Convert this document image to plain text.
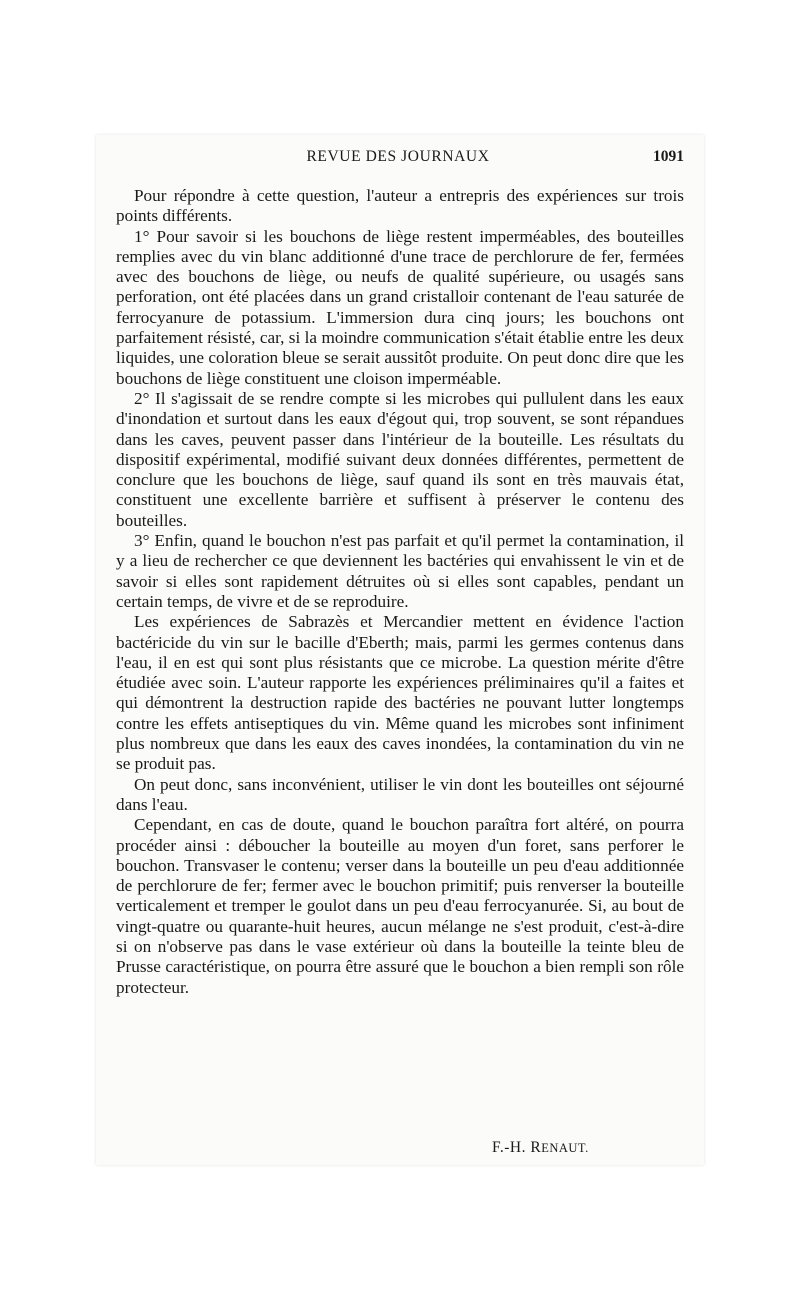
REVUE DES JOURNAUX	1091

Pour répondre à cette question, l'auteur a entrepris des expériences sur trois points différents.

1° Pour savoir si les bouchons de liège restent imperméables, des bouteilles remplies avec du vin blanc additionné d'une trace de perchlorure de fer, fermées avec des bouchons de liège, ou neufs de qualité supérieure, ou usagés sans perforation, ont été placées dans un grand cristalloir contenant de l'eau saturée de ferrocyanure de potassium. L'immersion dura cinq jours; les bouchons ont parfaitement résisté, car, si la moindre communication s'était établie entre les deux liquides, une coloration bleue se serait aussitôt produite. On peut donc dire que les bouchons de liège constituent une cloison imperméable.

2° Il s'agissait de se rendre compte si les microbes qui pullulent dans les eaux d'inondation et surtout dans les eaux d'égout qui, trop souvent, se sont répandues dans les caves, peuvent passer dans l'intérieur de la bouteille. Les résultats du dispositif expérimental, modifié suivant deux données différentes, permettent de conclure que les bouchons de liège, sauf quand ils sont en très mauvais état, constituent une excellente barrière et suffisent à préserver le contenu des bouteilles.

3° Enfin, quand le bouchon n'est pas parfait et qu'il permet la contamination, il y a lieu de rechercher ce que deviennent les bactéries qui envahissent le vin et de savoir si elles sont rapidement détruites où si elles sont capables, pendant un certain temps, de vivre et de se reproduire.

Les expériences de Sabrazès et Mercandier mettent en évidence l'action bactéricide du vin sur le bacille d'Eberth; mais, parmi les germes contenus dans l'eau, il en est qui sont plus résistants que ce microbe. La question mérite d'être étudiée avec soin. L'auteur rapporte les expériences préliminaires qu'il a faites et qui démontrent la destruction rapide des bactéries ne pouvant lutter longtemps contre les effets antiseptiques du vin. Même quand les microbes sont infiniment plus nombreux que dans les eaux des caves inondées, la contamination du vin ne se produit pas.

On peut donc, sans inconvénient, utiliser le vin dont les bouteilles ont séjourné dans l'eau.

Cependant, en cas de doute, quand le bouchon paraîtra fort altéré, on pourra procéder ainsi : déboucher la bouteille au moyen d'un foret, sans perforer le bouchon. Transvaser le contenu; verser dans la bouteille un peu d'eau additionnée de perchlorure de fer; fermer avec le bouchon primitif; puis renverser la bouteille verticalement et tremper le goulot dans un peu d'eau ferrocyanurée. Si, au bout de vingt-quatre ou quarante-huit heures, aucun mélange ne s'est produit, c'est-à-dire si on n'observe pas dans le vase extérieur où dans la bouteille la teinte bleu de Prusse caractéristique, on pourra être assuré que le bouchon a bien rempli son rôle protecteur.

F.-H. RENAUT.
